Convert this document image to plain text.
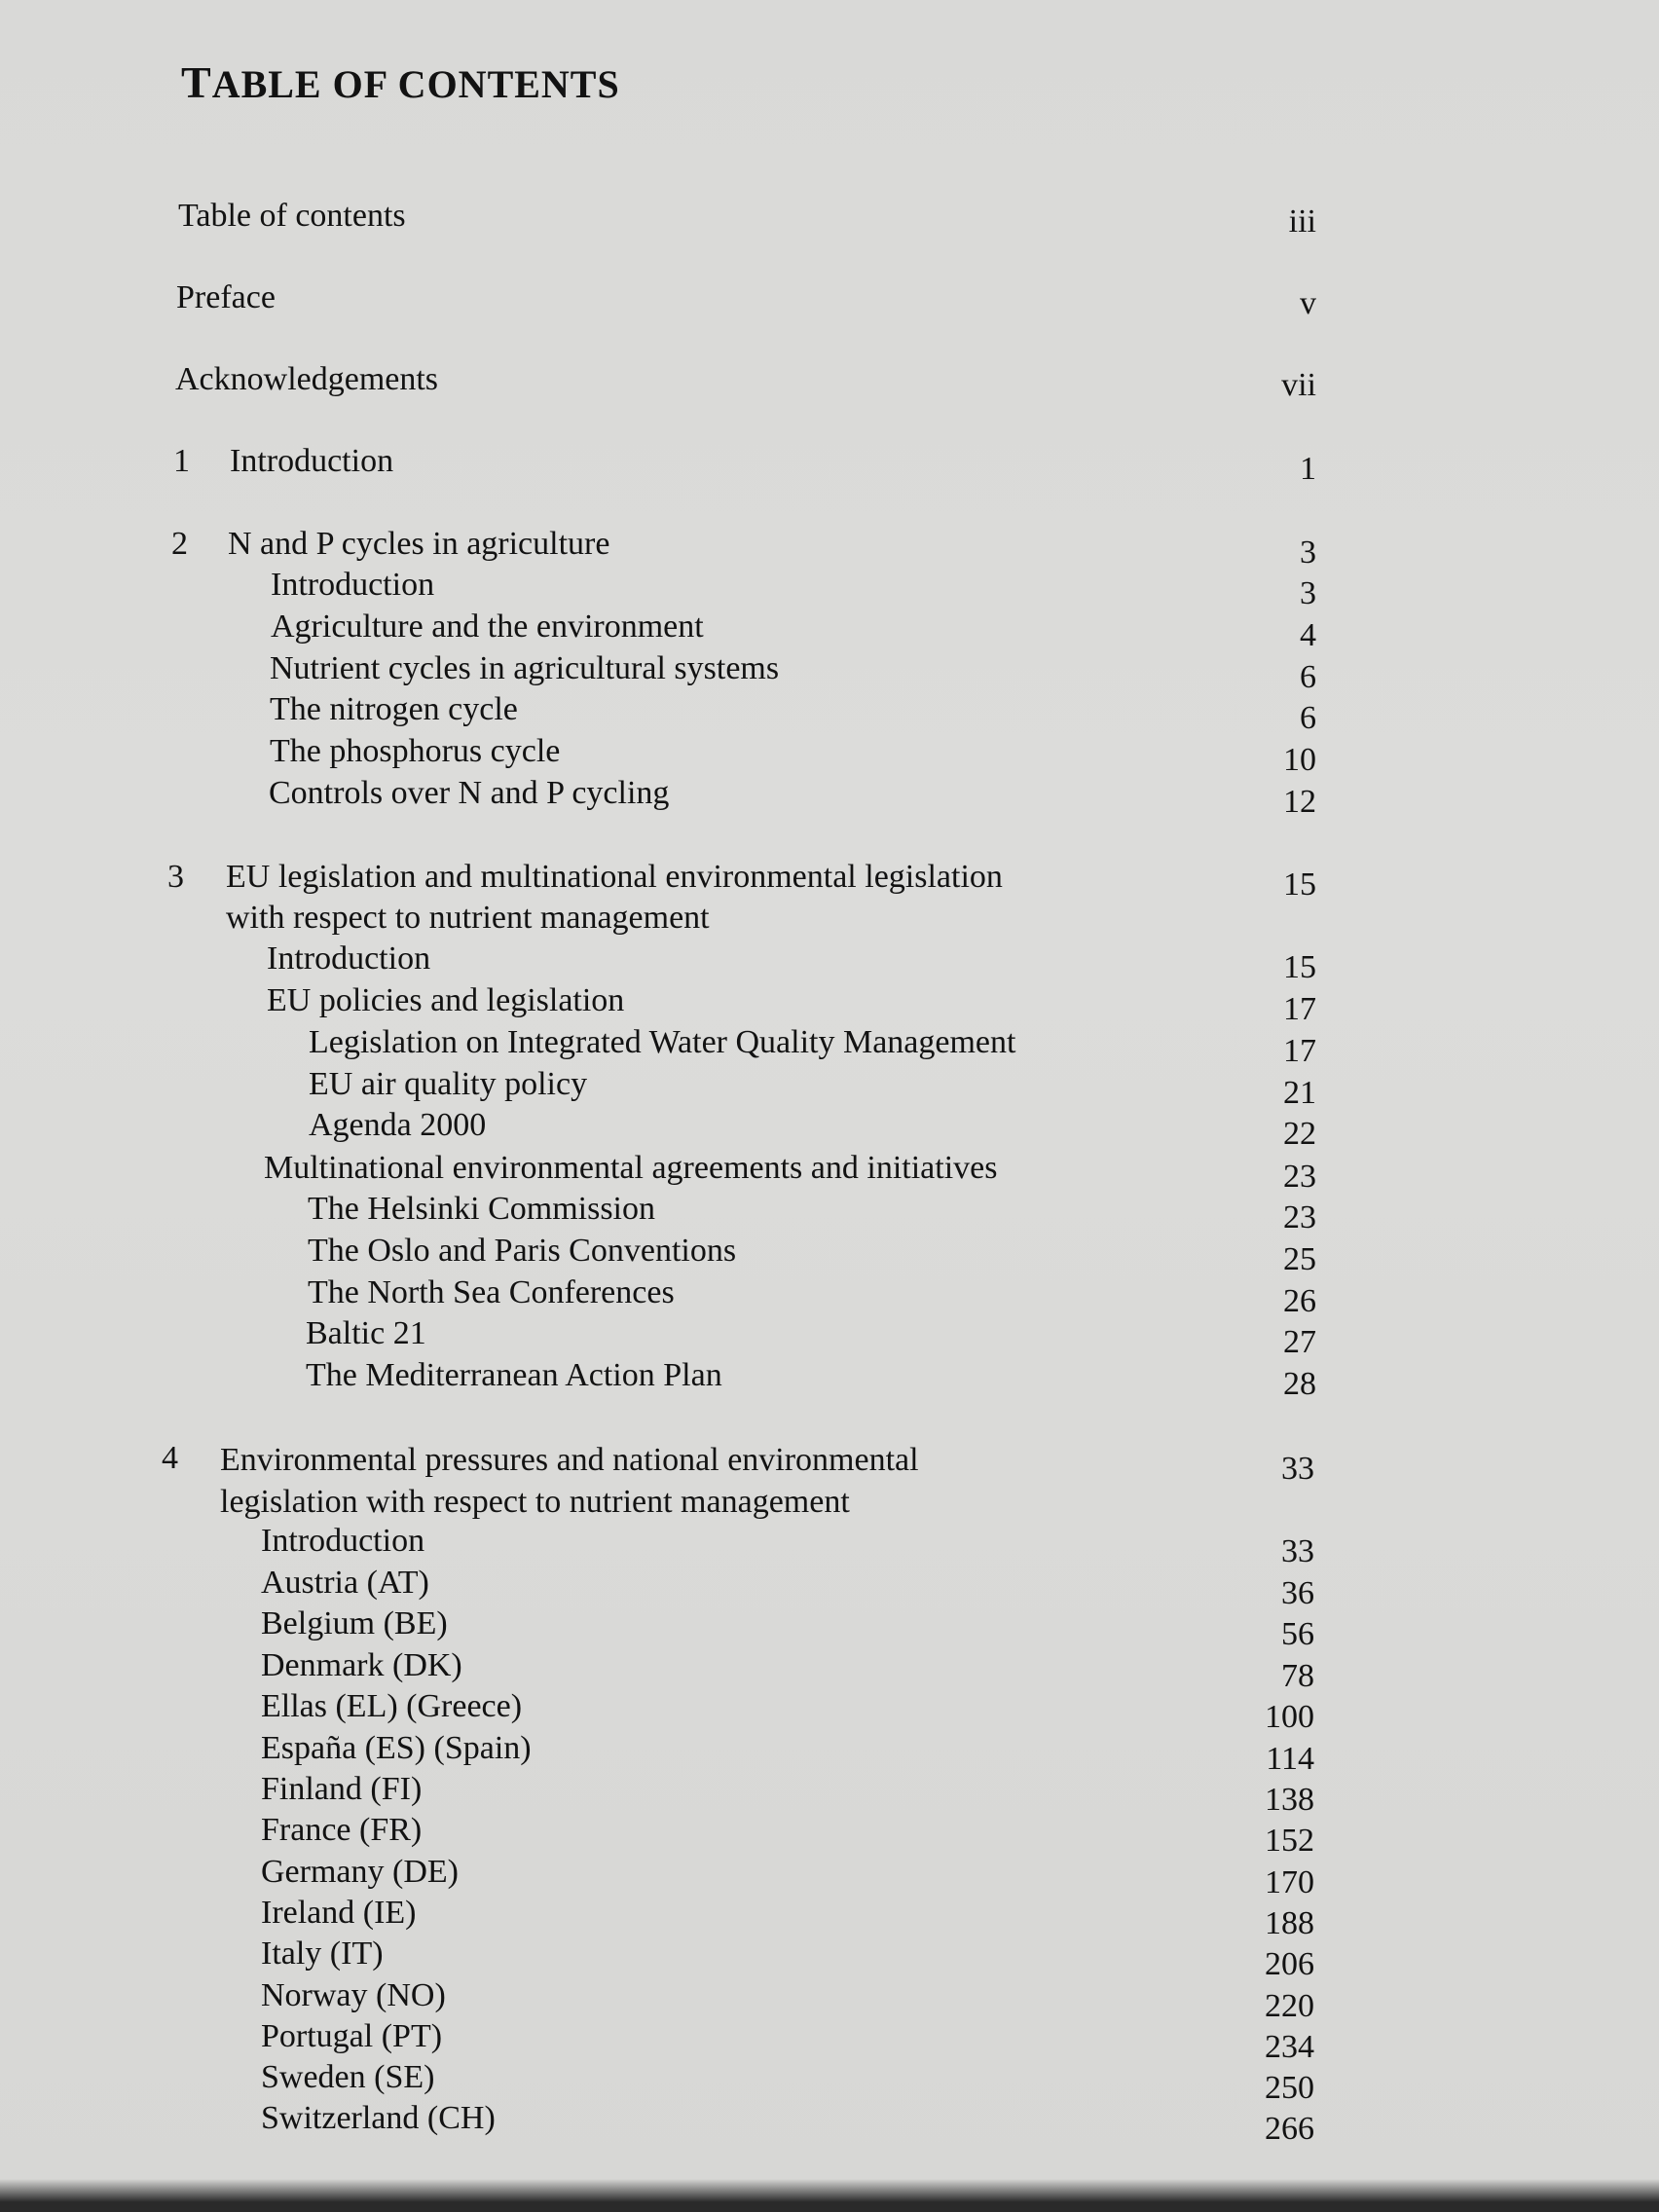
TABLE OF CONTENTS
Table of contents	iii
Preface	v
Acknowledgements	vii
1 Introduction	1
2 N and P cycles in agriculture	3
Introduction	3
Agriculture and the environment	4
Nutrient cycles in agricultural systems	6
The nitrogen cycle	6
The phosphorus cycle	10
Controls over N and P cycling	12
3 EU legislation and multinational environmental legislation
with respect to nutrient management
15
Introduction	15
EU policies and legislation	17
Legislation on Integrated Water Quality Management	17
EU air quality policy	21
Agenda 2000	22
Multinational environmental agreements and initiatives	23
The Helsinki Commission	23
The Oslo and Paris Conventions	25
The North Sea Conferences	26
Baltic 21	27
The Mediterranean Action Plan	28
4 Environmental pressures and national environmental
legislation with respect to nutrient management
33
Introduction	33
Austria (AT)	36
Belgium (BE)	56
Denmark (DK)	78
Ellas (EL) (Greece)	100
España (ES) (Spain)	114
Finland (FI)	138
France (FR)	152
Germany (DE)	170
Ireland (IE)	188
Italy (IT)	206
Norway (NO)	220
Portugal (PT)	234
Sweden (SE)	250
Switzerland (CH)	266
